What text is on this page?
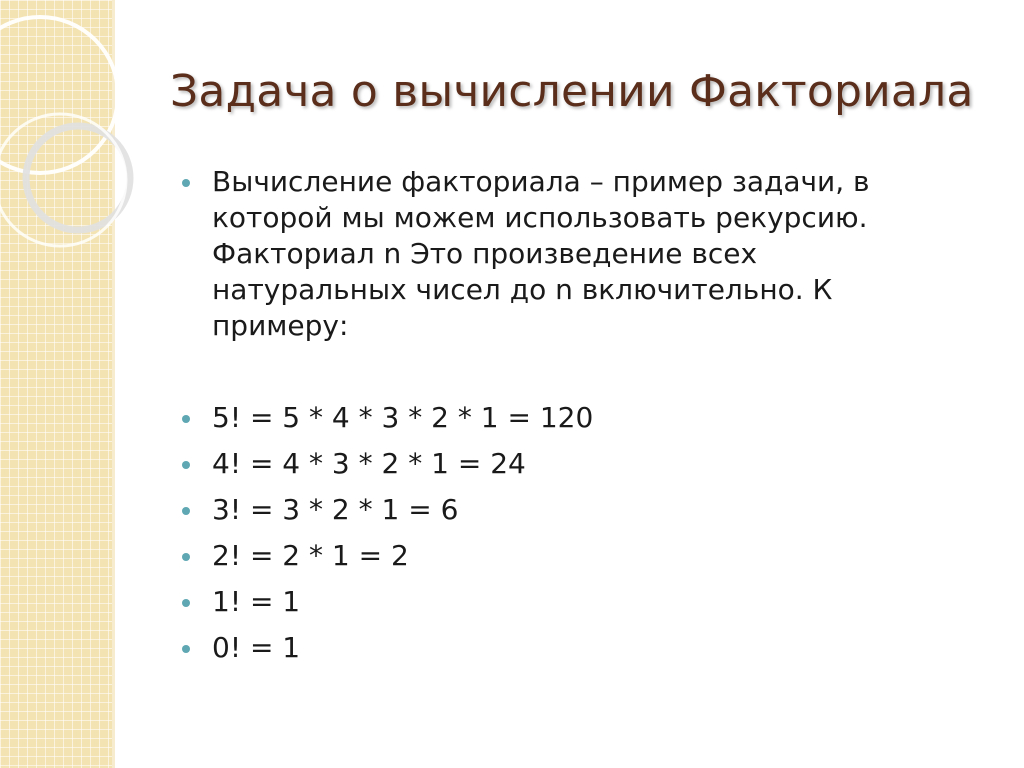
Задача о вычислении Факториала
Вычисление факториала – пример задачи, в которой мы можем использовать рекурсию. Факториал n Это произведение всех натуральных чисел до n включительно. К примеру:
5! = 5 * 4 * 3 * 2 * 1 = 120
4! = 4 * 3 * 2 * 1 = 24
3! = 3 * 2 * 1 = 6
2! = 2 * 1 = 2
1! = 1
0! = 1
